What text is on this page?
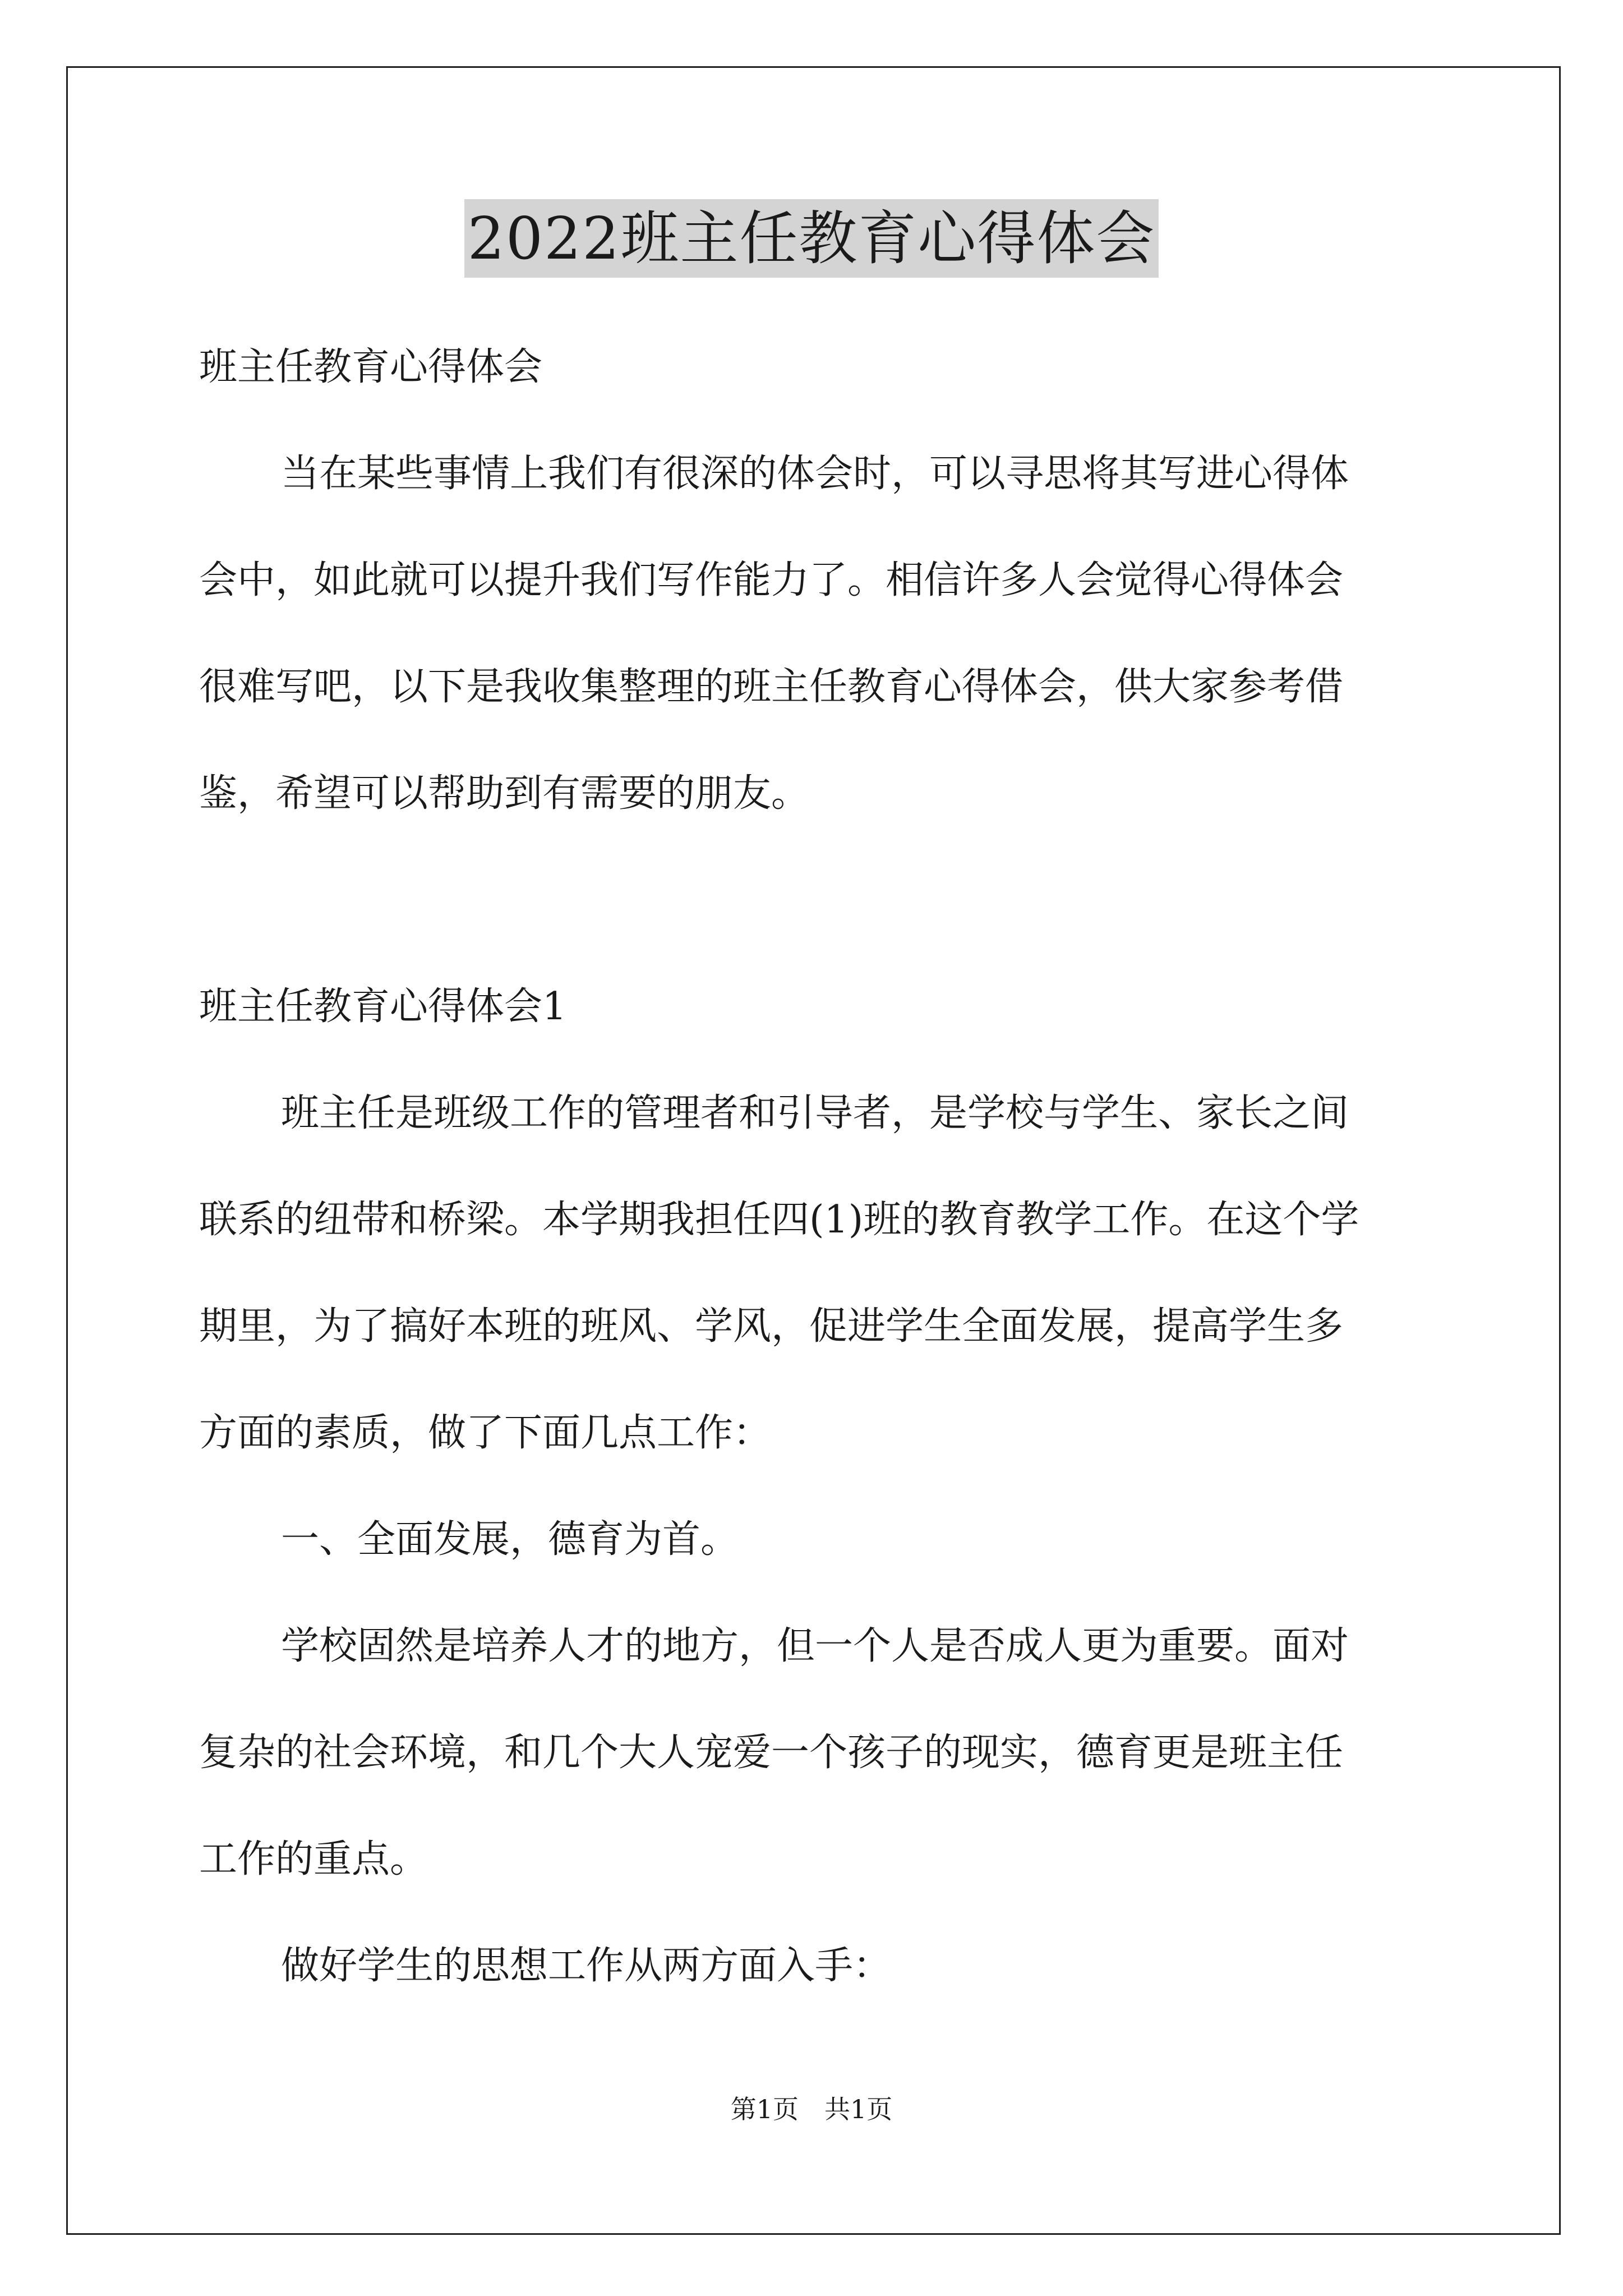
2022班主任教育心得体会
班主任教育心得体会
当在某些事情上我们有很深的体会时，可以寻思将其写进心得体
会中，如此就可以提升我们写作能力了。相信许多人会觉得心得体会
很难写吧，以下是我收集整理的班主任教育心得体会，供大家参考借
鉴，希望可以帮助到有需要的朋友。
班主任教育心得体会1
班主任是班级工作的管理者和引导者，是学校与学生、家长之间
联系的纽带和桥梁。本学期我担任四(1)班的教育教学工作。在这个学
期里，为了搞好本班的班风、学风，促进学生全面发展，提高学生多
方面的素质，做了下面几点工作：
一、全面发展，德育为首。
学校固然是培养人才的地方，但一个人是否成人更为重要。面对
复杂的社会环境，和几个大人宠爱一个孩子的现实，德育更是班主任
工作的重点。
做好学生的思想工作从两方面入手：
第1页　共1页
